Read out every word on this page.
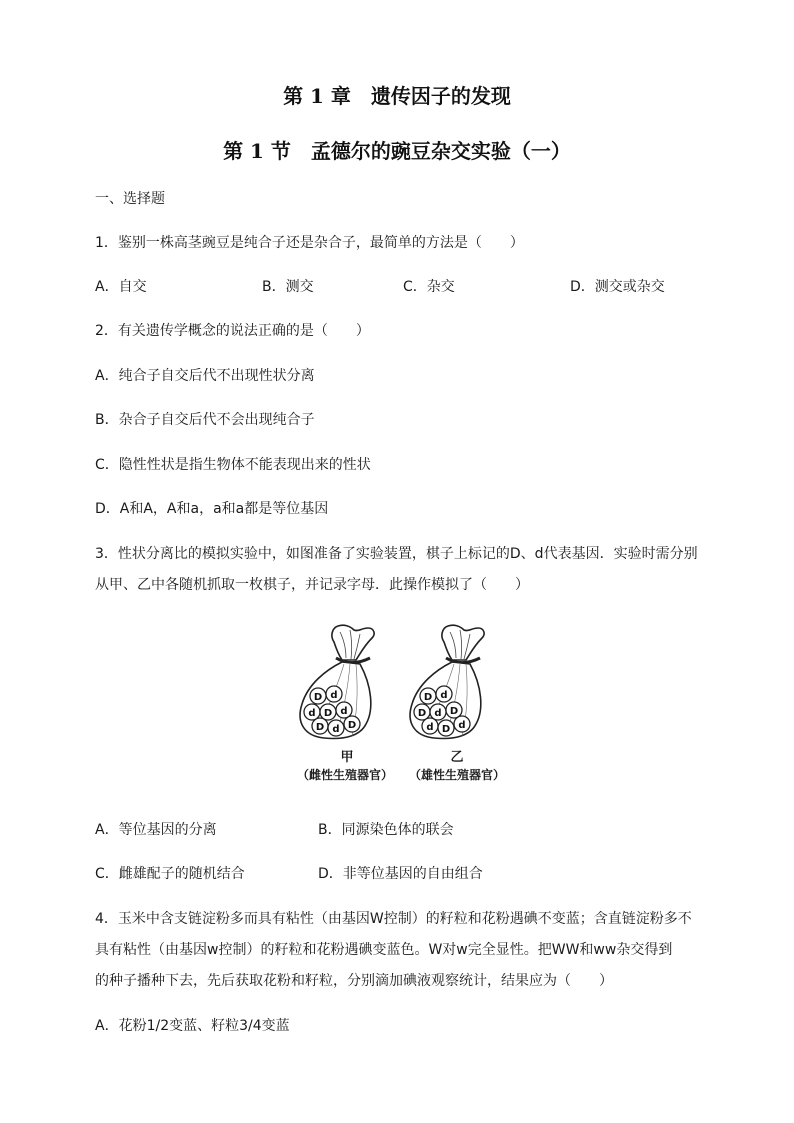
第 1 章　遗传因子的发现
第 1 节　孟德尔的豌豆杂交实验（一）
一、选择题
1．鉴别一株高茎豌豆是纯合子还是杂合子，最简单的方法是（　　）
A．自交	B．测交	C．杂交	D．测交或杂交
2．有关遗传学概念的说法正确的是（　　）
A．纯合子自交后代不出现性状分离
B．杂合子自交后代不会出现纯合子
C．隐性性状是指生物体不能表现出来的性状
D．A和A，A和a，a和a都是等位基因
3．性状分离比的模拟实验中，如图准备了实验装置，棋子上标记的D、d代表基因．实验时需分别
从甲、乙中各随机抓取一枚棋子，并记录字母．此操作模拟了（　　）
D d
d D d
D d D
D d
D d D
d D d
甲	乙
（雌性生殖器官）	（雄性生殖器官）
A．等位基因的分离	B．同源染色体的联会
C．雌雄配子的随机结合	D．非等位基因的自由组合
4．玉米中含支链淀粉多而具有粘性（由基因W控制）的籽粒和花粉遇碘不变蓝；含直链淀粉多不
具有粘性（由基因w控制）的籽粒和花粉遇碘变蓝色。W对w完全显性。把WW和ww杂交得到
的种子播种下去，先后获取花粉和籽粒，分别滴加碘液观察统计，结果应为（　　）
A．花粉1/2变蓝、籽粒3/4变蓝
